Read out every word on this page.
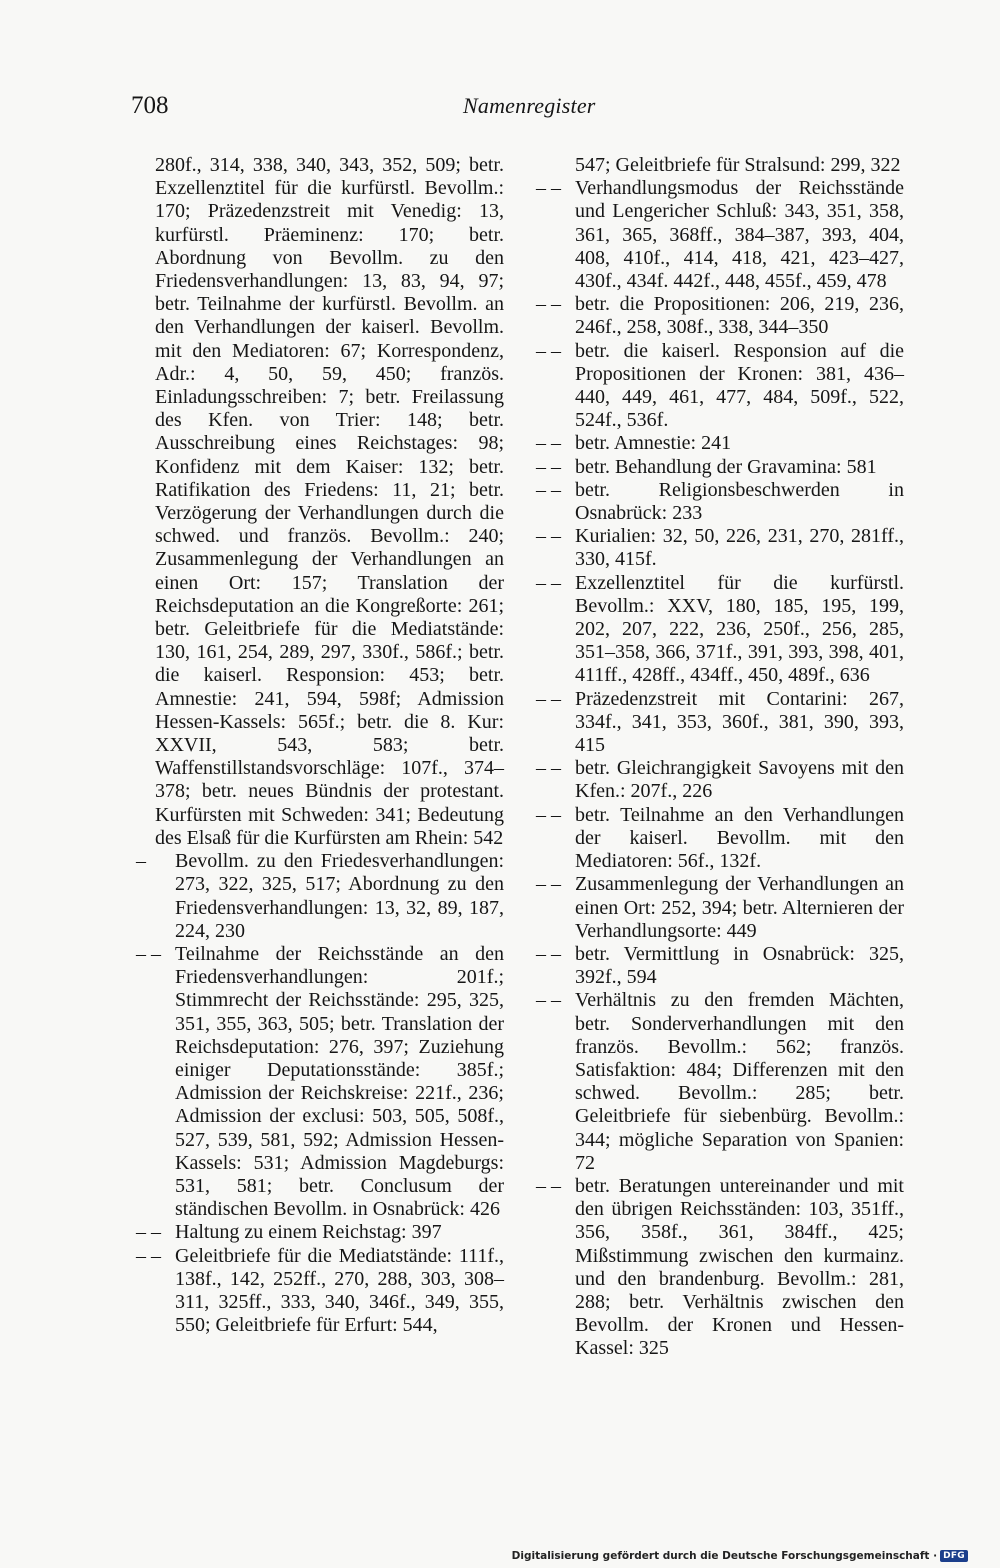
708	Namenregister
280f., 314, 338, 340, 343, 352, 509; betr. Exzellenztitel für die kurfürstl. Bevollm.: 170; Präzedenzstreit mit Venedig: 13, kurfürstl. Präeminenz: 170; betr. Abordnung von Bevollm. zu den Friedensverhandlungen: 13, 83, 94, 97; betr. Teilnahme der kurfürstl. Bevollm. an den Verhandlungen der kaiserl. Bevollm. mit den Mediatoren: 67; Korrespondenz, Adr.: 4, 50, 59, 450; französ. Einladungsschreiben: 7; betr. Freilassung des Kfen. von Trier: 148; betr. Ausschreibung eines Reichstages: 98; Konfidenz mit dem Kaiser: 132; betr. Ratifikation des Friedens: 11, 21; betr. Verzögerung der Verhandlungen durch die schwed. und französ. Bevollm.: 240; Zusammenlegung der Verhandlungen an einen Ort: 157; Translation der Reichsdeputation an die Kongreßorte: 261; betr. Geleitbriefe für die Mediatstände: 130, 161, 254, 289, 297, 330f., 586f.; betr. die kaiserl. Responsion: 453; betr. Amnestie: 241, 594, 598f; Admission Hessen-Kassels: 565f.; betr. die 8. Kur: XXVII, 543, 583; betr. Waffenstillstandsvorschläge: 107f., 374–378; betr. neues Bündnis der protestant. Kurfürsten mit Schweden: 341; Bedeutung des Elsaß für die Kurfürsten am Rhein: 542
– Bevollm. zu den Friedesverhandlungen: 273, 322, 325, 517; Abordnung zu den Friedensverhandlungen: 13, 32, 89, 187, 224, 230
– – Teilnahme der Reichsstände an den Friedensverhandlungen: 201f.; Stimmrecht der Reichsstände: 295, 325, 351, 355, 363, 505; betr. Translation der Reichsdeputation: 276, 397; Zuziehung einiger Deputationsstände: 385f.; Admission der Reichskreise: 221f., 236; Admission der exclusi: 503, 505, 508f., 527, 539, 581, 592; Admission Hessen-Kassels: 531; Admission Magdeburgs: 531, 581; betr. Conclusum der ständischen Bevollm. in Osnabrück: 426
– – Haltung zu einem Reichstag: 397
– – Geleitbriefe für die Mediatstände: 111f., 138f., 142, 252ff., 270, 288, 303, 308–311, 325ff., 333, 340, 346f., 349, 355, 550; Geleitbriefe für Erfurt: 544,
547; Geleitbriefe für Stralsund: 299, 322
– – Verhandlungsmodus der Reichsstände und Lengericher Schluß: 343, 351, 358, 361, 365, 368ff., 384–387, 393, 404, 408, 410f., 414, 418, 421, 423–427, 430f., 434f. 442f., 448, 455f., 459, 478
– – betr. die Propositionen: 206, 219, 236, 246f., 258, 308f., 338, 344–350
– – betr. die kaiserl. Responsion auf die Propositionen der Kronen: 381, 436–440, 449, 461, 477, 484, 509f., 522, 524f., 536f.
– – betr. Amnestie: 241
– – betr. Behandlung der Gravamina: 581
– – betr. Religionsbeschwerden in Osnabrück: 233
– – Kurialien: 32, 50, 226, 231, 270, 281ff., 330, 415f.
– – Exzellenztitel für die kurfürstl. Bevollm.: XXV, 180, 185, 195, 199, 202, 207, 222, 236, 250f., 256, 285, 351–358, 366, 371f., 391, 393, 398, 401, 411ff., 428ff., 434ff., 450, 489f., 636
– – Präzedenzstreit mit Contarini: 267, 334f., 341, 353, 360f., 381, 390, 393, 415
– – betr. Gleichrangigkeit Savoyens mit den Kfen.: 207f., 226
– – betr. Teilnahme an den Verhandlungen der kaiserl. Bevollm. mit den Mediatoren: 56f., 132f.
– – Zusammenlegung der Verhandlungen an einen Ort: 252, 394; betr. Alternieren der Verhandlungsorte: 449
– – betr. Vermittlung in Osnabrück: 325, 392f., 594
– – Verhältnis zu den fremden Mächten, betr. Sonderverhandlungen mit den französ. Bevollm.: 562; französ. Satisfaktion: 484; Differenzen mit den schwed. Bevollm.: 285; betr. Geleitbriefe für siebenbürg. Bevollm.: 344; mögliche Separation von Spanien: 72
– – betr. Beratungen untereinander und mit den übrigen Reichsständen: 103, 351ff., 356, 358f., 361, 384ff., 425; Mißstimmung zwischen den kurmainz. und den brandenburg. Bevollm.: 281, 288; betr. Verhältnis zwischen den Bevollm. der Kronen und Hessen-Kassel: 325
Digitalisierung gefördert durch die Deutsche Forschungsgemeinschaft · DFG
